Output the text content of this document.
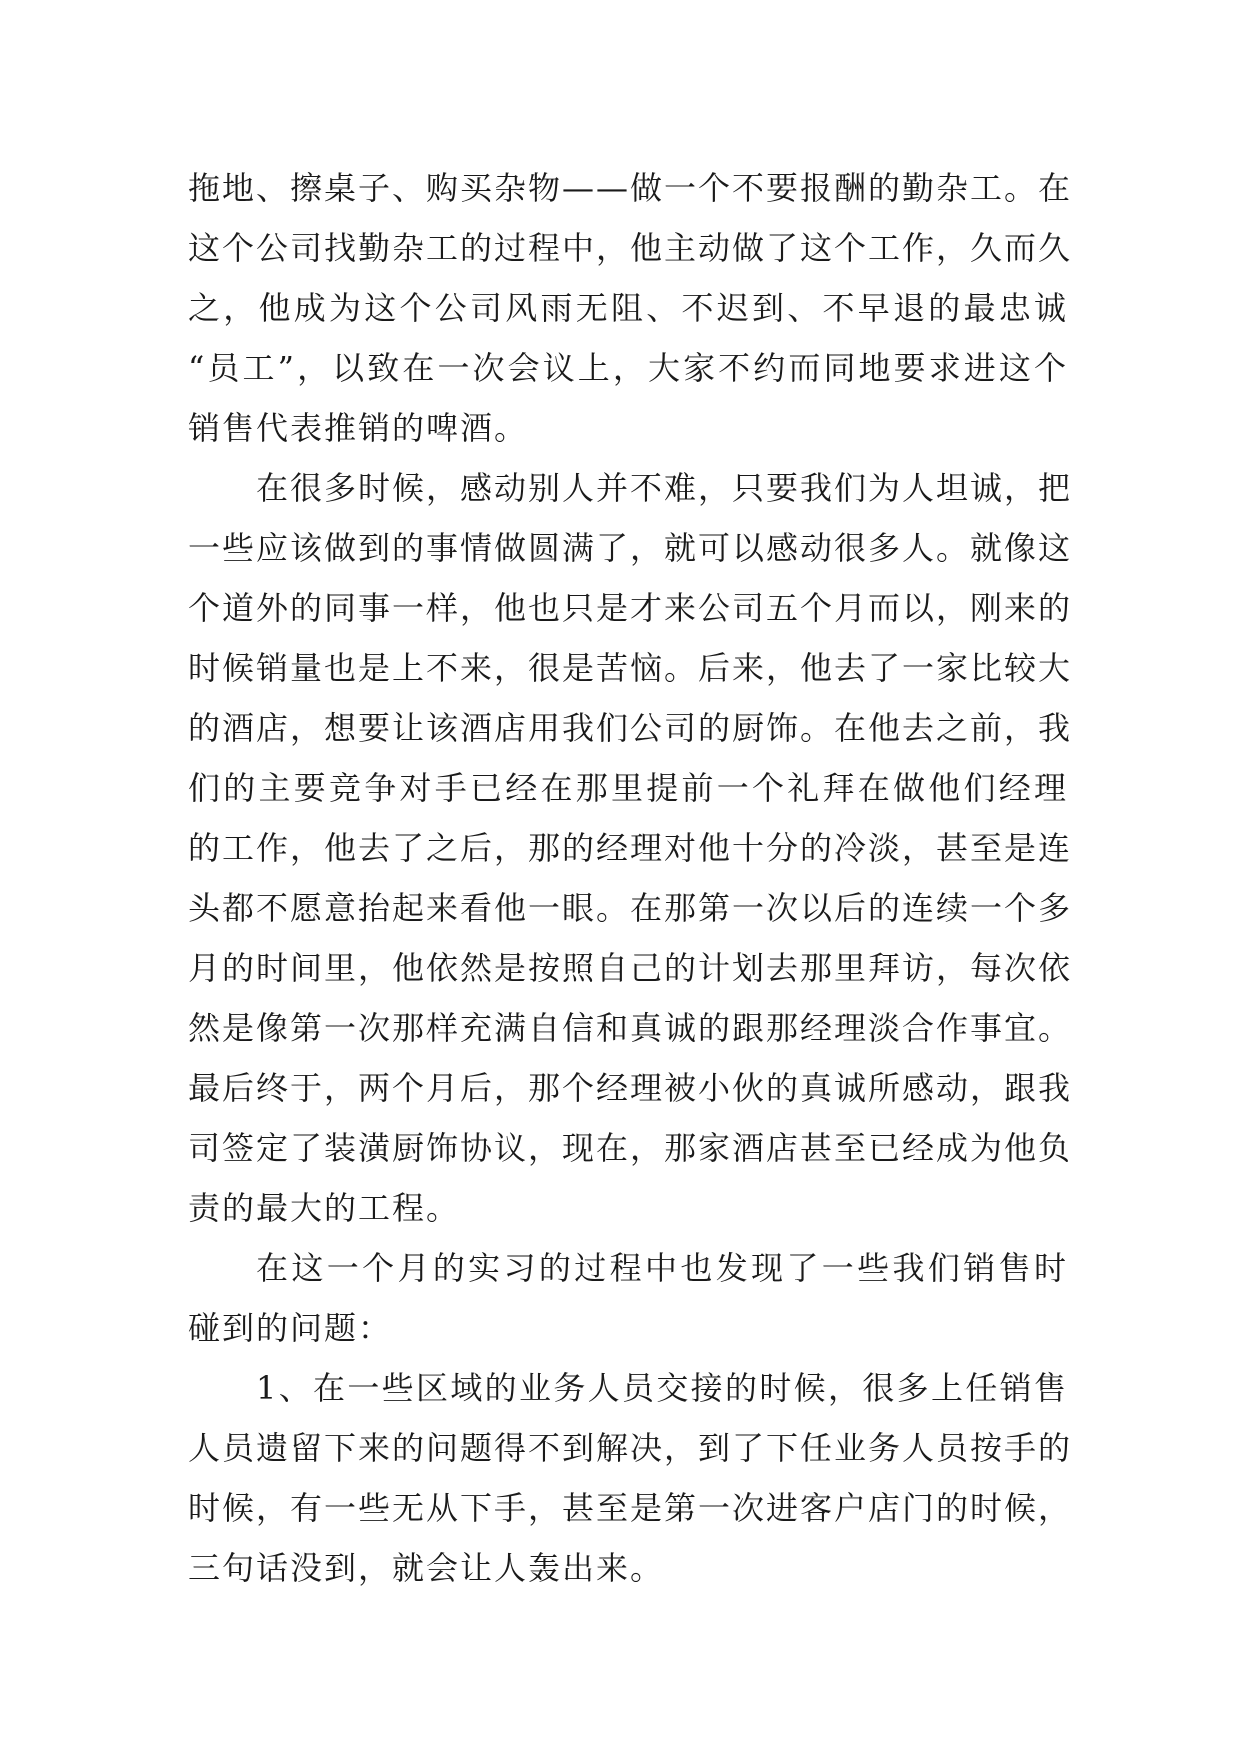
拖地、擦桌子、购买杂物——做一个不要报酬的勤杂工。在
这个公司找勤杂工的过程中，他主动做了这个工作，久而久
之，他成为这个公司风雨无阻、不迟到、不早退的最忠诚
“员工”，以致在一次会议上，大家不约而同地要求进这个
销售代表推销的啤酒。
在很多时候，感动别人并不难，只要我们为人坦诚，把
一些应该做到的事情做圆满了，就可以感动很多人。就像这
个道外的同事一样，他也只是才来公司五个月而以，刚来的
时候销量也是上不来，很是苦恼。后来，他去了一家比较大
的酒店，想要让该酒店用我们公司的厨饰。在他去之前，我
们的主要竞争对手已经在那里提前一个礼拜在做他们经理
的工作，他去了之后，那的经理对他十分的冷淡，甚至是连
头都不愿意抬起来看他一眼。在那第一次以后的连续一个多
月的时间里，他依然是按照自己的计划去那里拜访，每次依
然是像第一次那样充满自信和真诚的跟那经理淡合作事宜。
最后终于，两个月后，那个经理被小伙的真诚所感动，跟我
司签定了装潢厨饰协议，现在，那家酒店甚至已经成为他负
责的最大的工程。
在这一个月的实习的过程中也发现了一些我们销售时
碰到的问题：
1、在一些区域的业务人员交接的时候，很多上任销售
人员遗留下来的问题得不到解决，到了下任业务人员按手的
时候，有一些无从下手，甚至是第一次进客户店门的时候，
三句话没到，就会让人轰出来。
